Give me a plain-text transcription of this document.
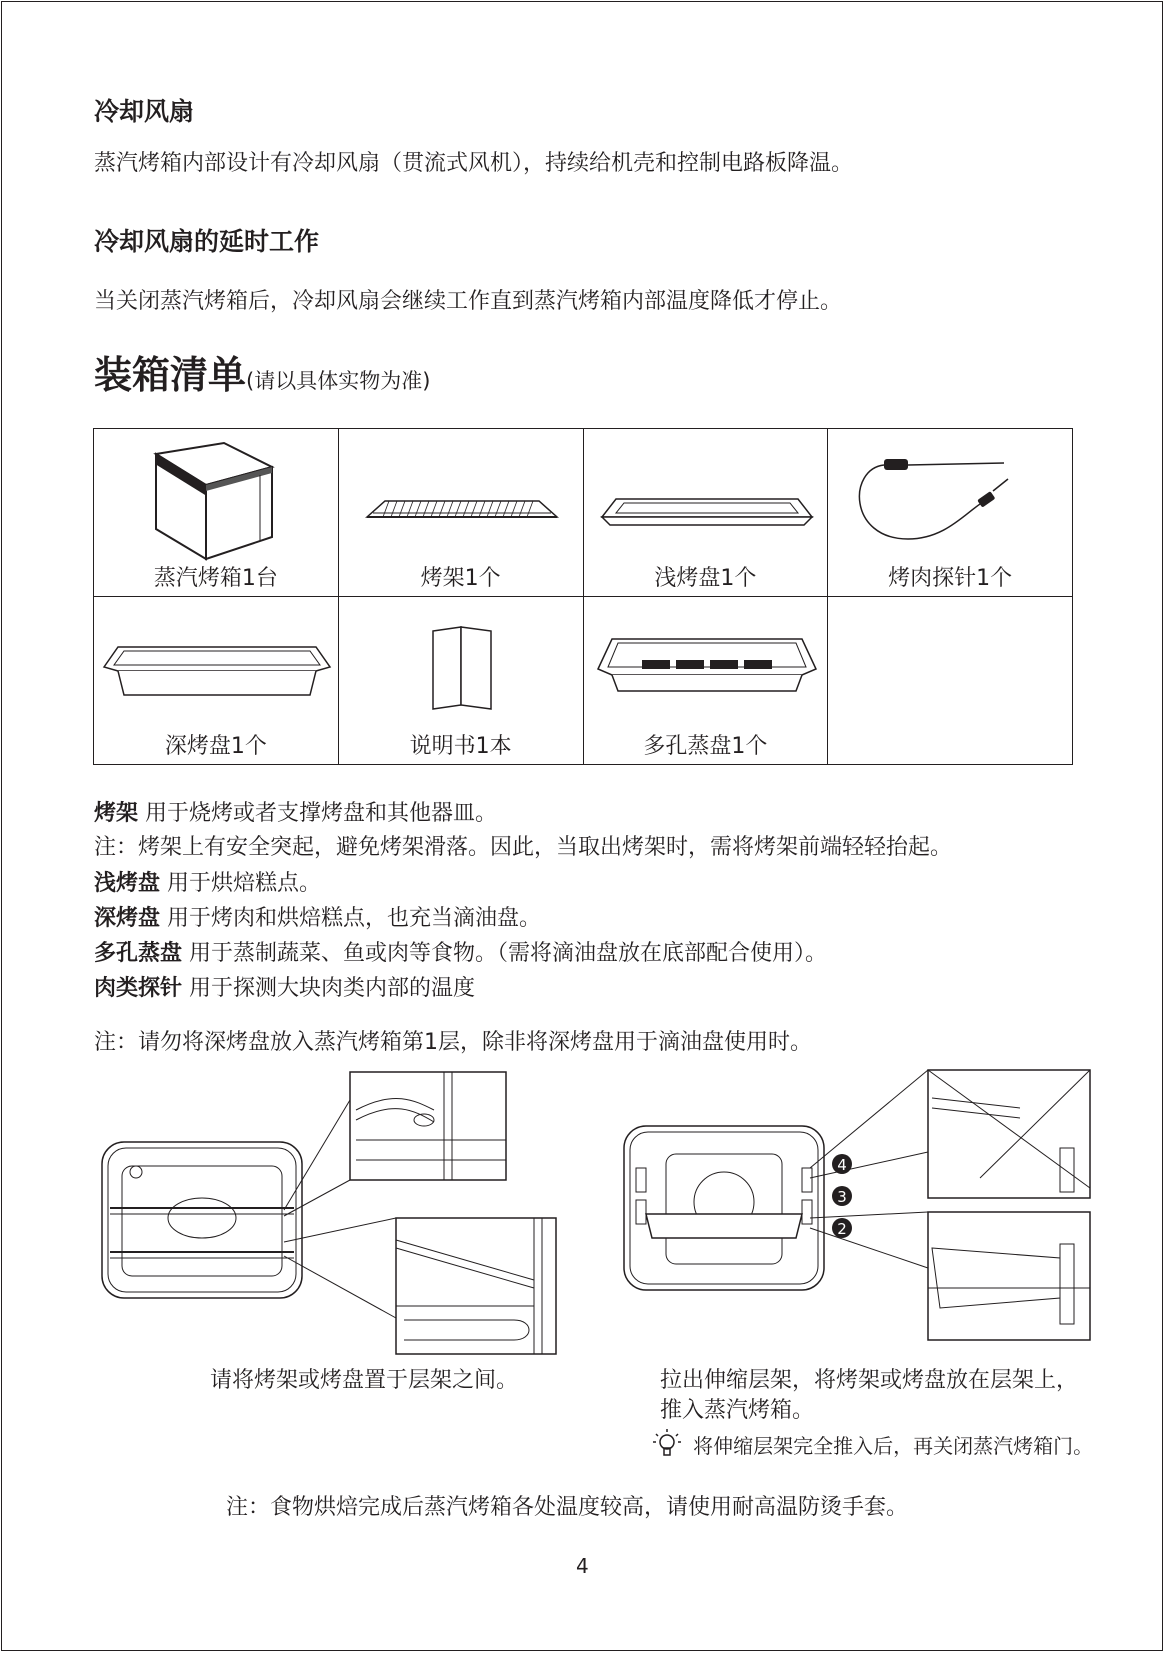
冷却风扇
蒸汽烤箱内部设计有冷却风扇（贯流式风机），持续给机壳和控制电路板降温。
冷却风扇的延时工作
当关闭蒸汽烤箱后，冷却风扇会继续工作直到蒸汽烤箱内部温度降低才停止。
装箱清单(请以具体实物为准)
蒸汽烤箱1台	烤架1个	浅烤盘1个	烤肉探针1个

深烤盘1个	说明书1本	多孔蒸盘1个	

烤架 用于烧烤或者支撑烤盘和其他器皿。
注：烤架上有安全突起，避免烤架滑落。因此，当取出烤架时，需将烤架前端轻轻抬起。
浅烤盘 用于烘焙糕点。
深烤盘 用于烤肉和烘焙糕点，也充当滴油盘。
多孔蒸盘 用于蒸制蔬菜、鱼或肉等食物。（需将滴油盘放在底部配合使用）。
肉类探针 用于探测大块肉类内部的温度
注：请勿将深烤盘放入蒸汽烤箱第1层，除非将深烤盘用于滴油盘使用时。
请将烤架或烤盘置于层架之间。
4
3
2
拉出伸缩层架，将烤架或烤盘放在层架上，
推入蒸汽烤箱。
将伸缩层架完全推入后，再关闭蒸汽烤箱门。
注：食物烘焙完成后蒸汽烤箱各处温度较高，请使用耐高温防烫手套。
4
